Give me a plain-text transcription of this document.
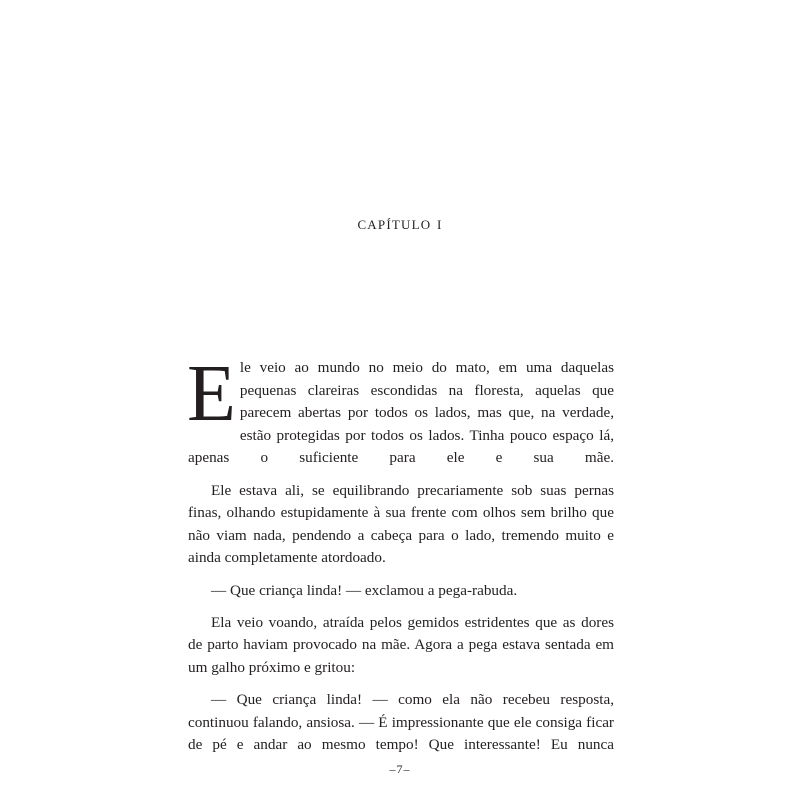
capítulo i

Ele veio ao mundo no meio do mato, em uma daquelas pequenas clareiras escondidas na floresta, aquelas que parecem abertas por todos os lados, mas que, na verdade, estão protegidas por todos os lados. Tinha pouco espaço lá, apenas o suficiente para ele e sua mãe.

Ele estava ali, se equilibrando precariamente sob suas pernas finas, olhando estupidamente à sua frente com olhos sem brilho que não viam nada, pendendo a cabeça para o lado, tremendo muito e ainda completamente atordoado.

— Que criança linda! — exclamou a pega-rabuda.

Ela veio voando, atraída pelos gemidos estridentes que as dores de parto haviam provocado na mãe. Agora a pega estava sentada em um galho próximo e gritou:

— Que criança linda! — como ela não recebeu resposta, continuou falando, ansiosa. — É impressionante que ele consiga ficar de pé e andar ao mesmo tempo! Que interessante! Eu nunca

–7–
